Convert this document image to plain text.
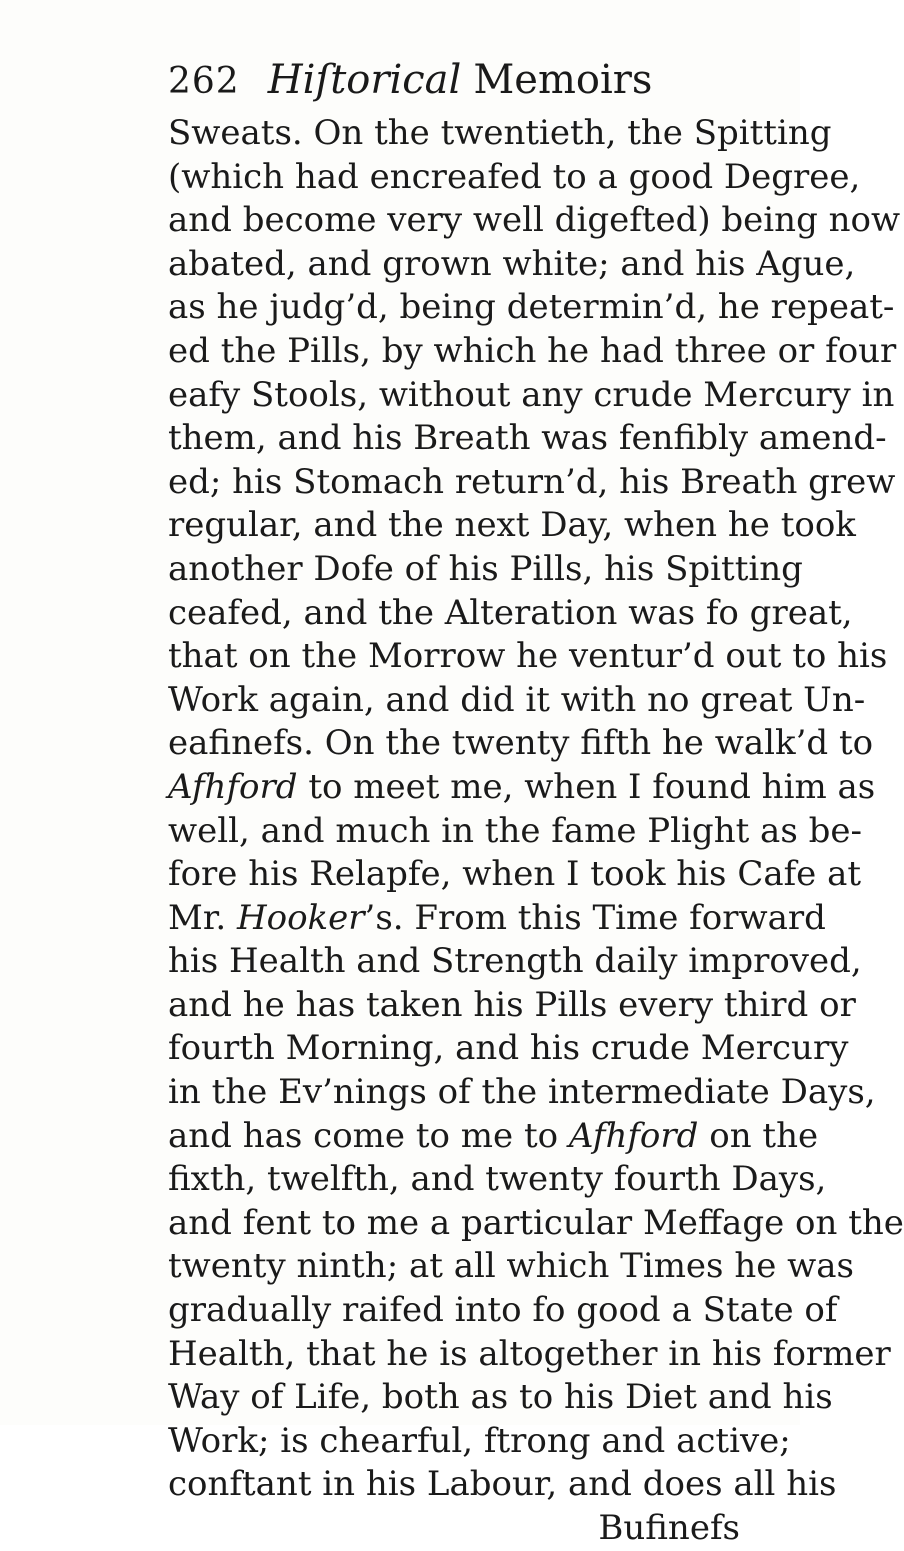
262 Hiſtorical Memoirs
Sweats. On the twentieth, the Spitting
(which had encreafed to a good Degree,
and become very well digefted) being now
abated, and grown white; and his Ague,
as he judg’d, being determin’d, he repeat-
ed the Pills, by which he had three or four
eafy Stools, without any crude Mercury in
them, and his Breath was fenfibly amend-
ed; his Stomach return’d, his Breath grew
regular, and the next Day, when he took
another Dofe of his Pills, his Spitting
ceafed, and the Alteration was fo great,
that on the Morrow he ventur’d out to his
Work again, and did it with no great Un-
eafinefs. On the twenty fifth he walk’d to
Afhford to meet me, when I found him as
well, and much in the fame Plight as be-
fore his Relapfe, when I took his Cafe at
Mr. Hooker’s. From this Time forward
his Health and Strength daily improved,
and he has taken his Pills every third or
fourth Morning, and his crude Mercury
in the Ev’nings of the intermediate Days,
and has come to me to Afhford on the
fixth, twelfth, and twenty fourth Days,
and fent to me a particular Meffage on the
twenty ninth; at all which Times he was
gradually raifed into fo good a State of
Health, that he is altogether in his former
Way of Life, both as to his Diet and his
Work; is chearful, ftrong and active;
conftant in his Labour, and does all his
Bufinefs
